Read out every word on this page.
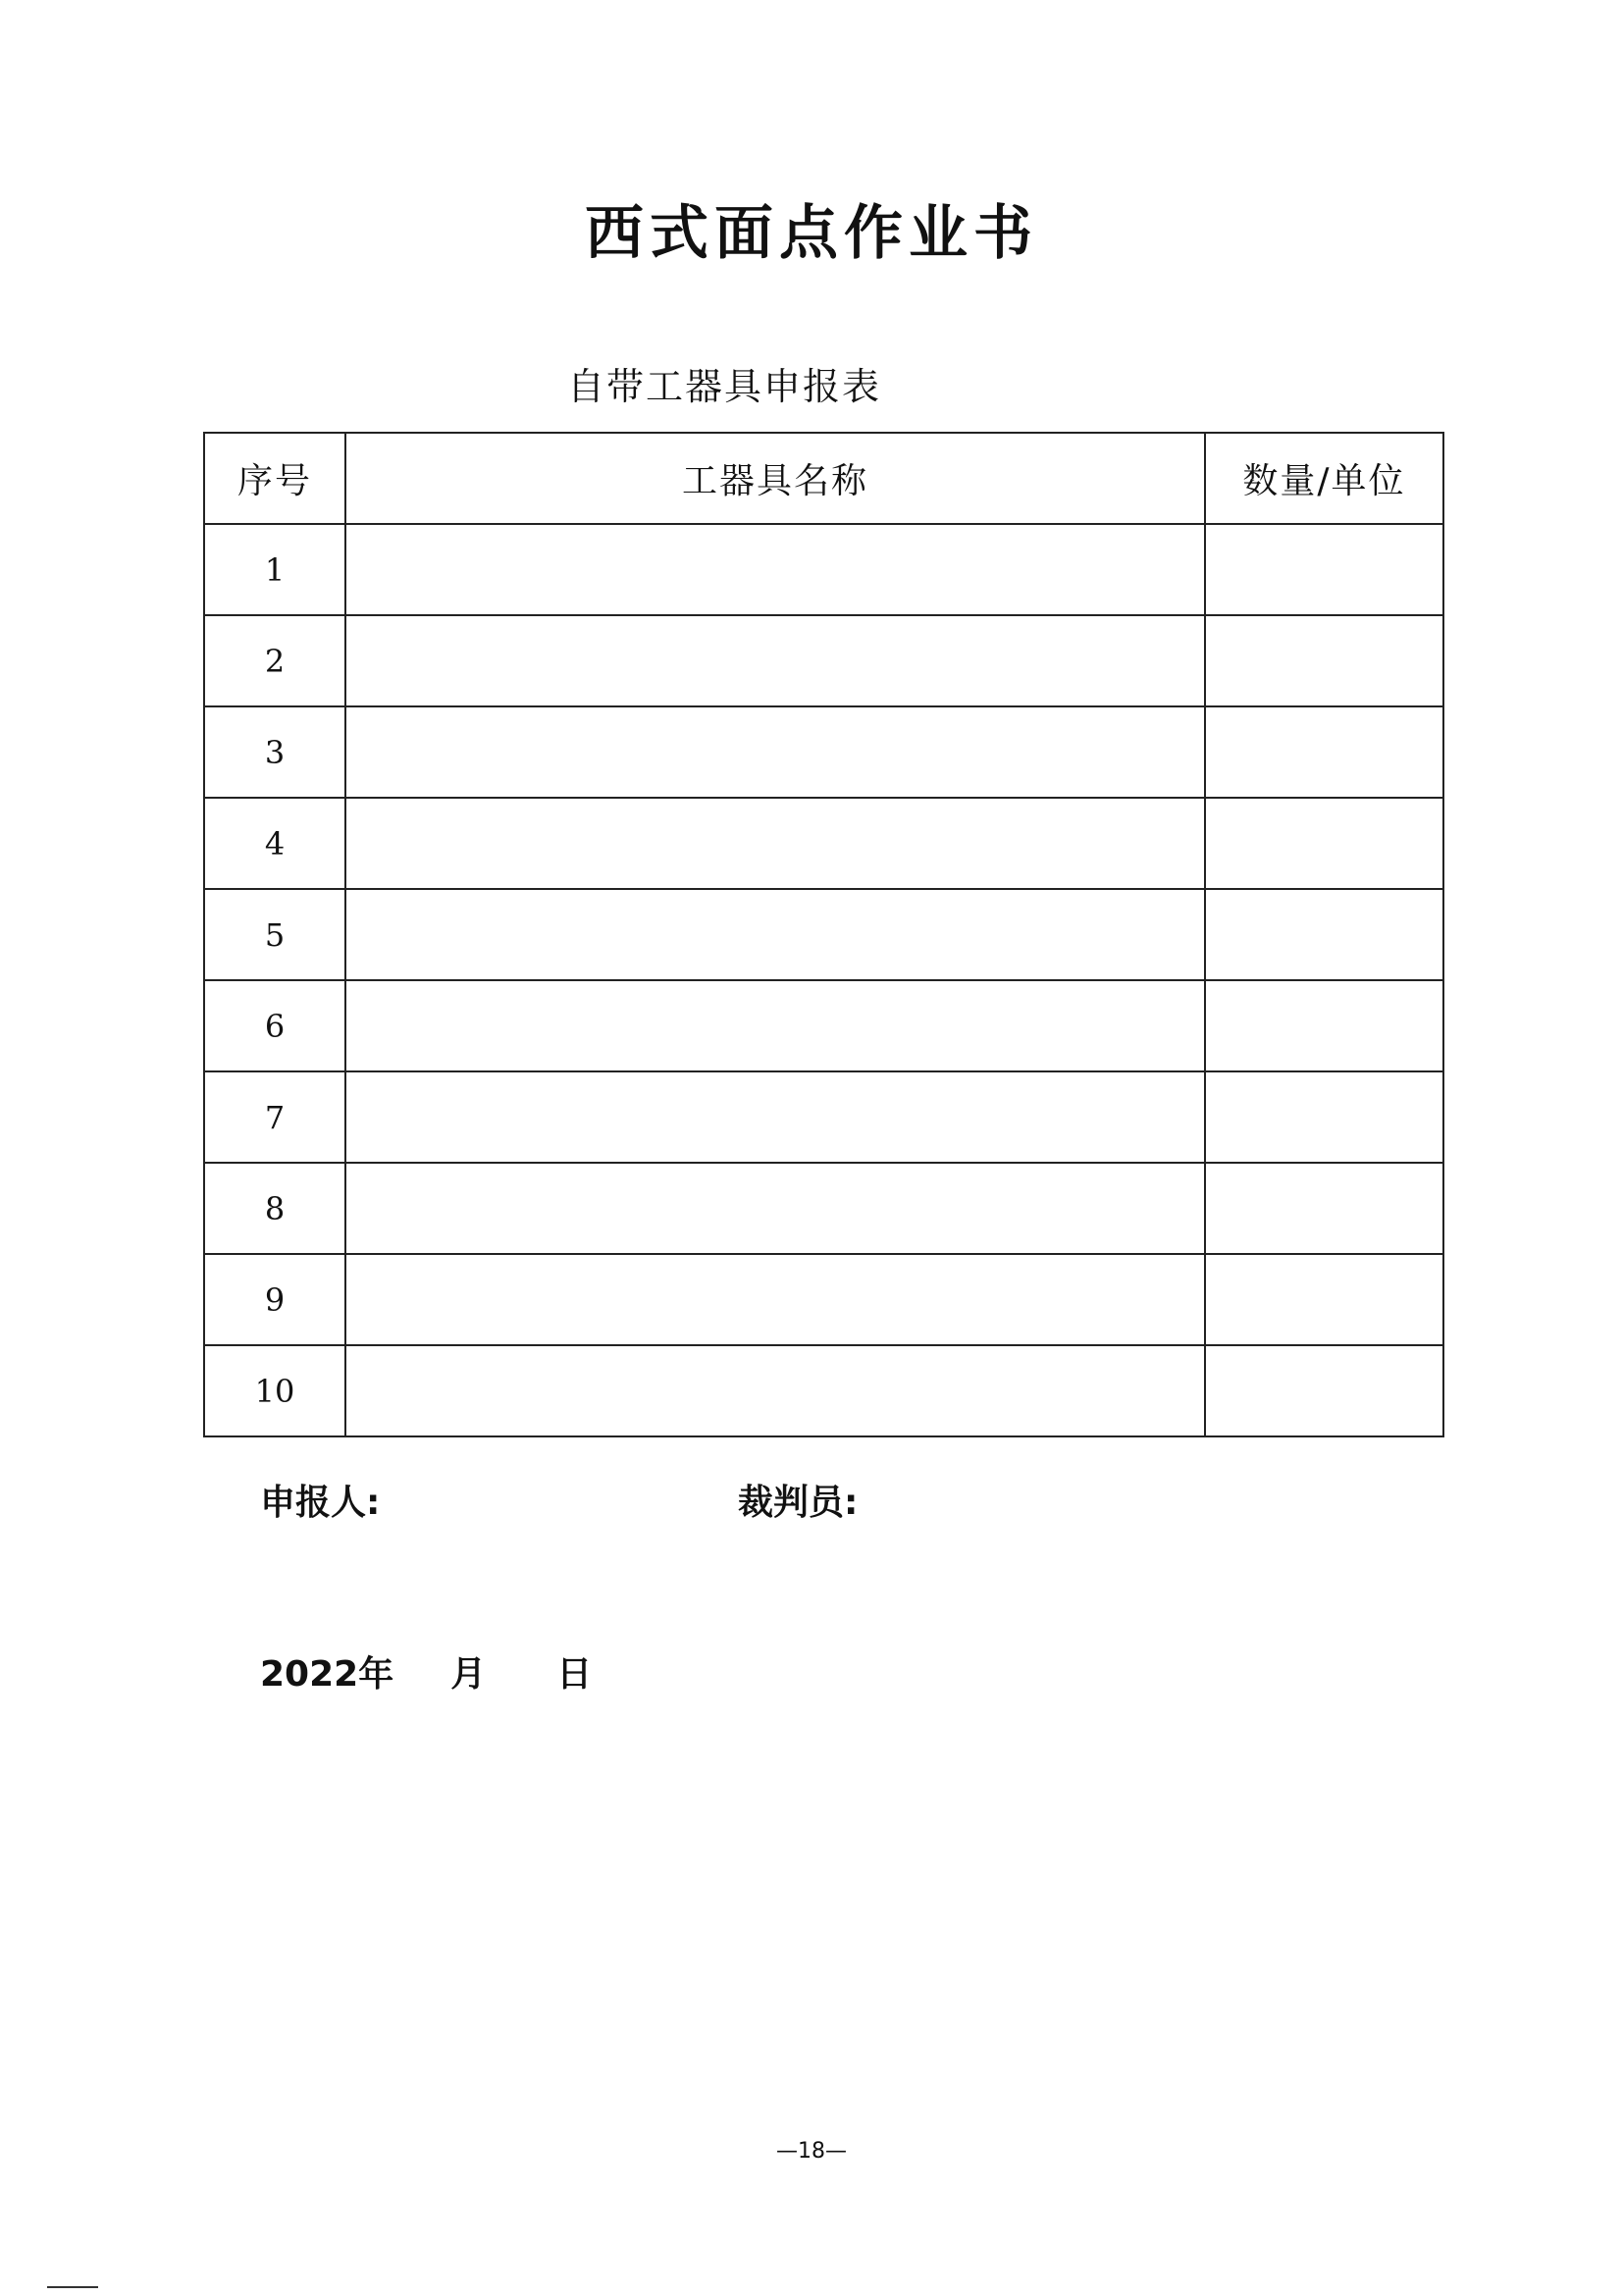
西式面点作业书
自带工器具申报表
序号	工器具名称	数量/单位
1		
2		
3		
4		
5		
6		
7		
8		
9		
10		
申报人:	裁判员:
2022年 月 日
—18—
